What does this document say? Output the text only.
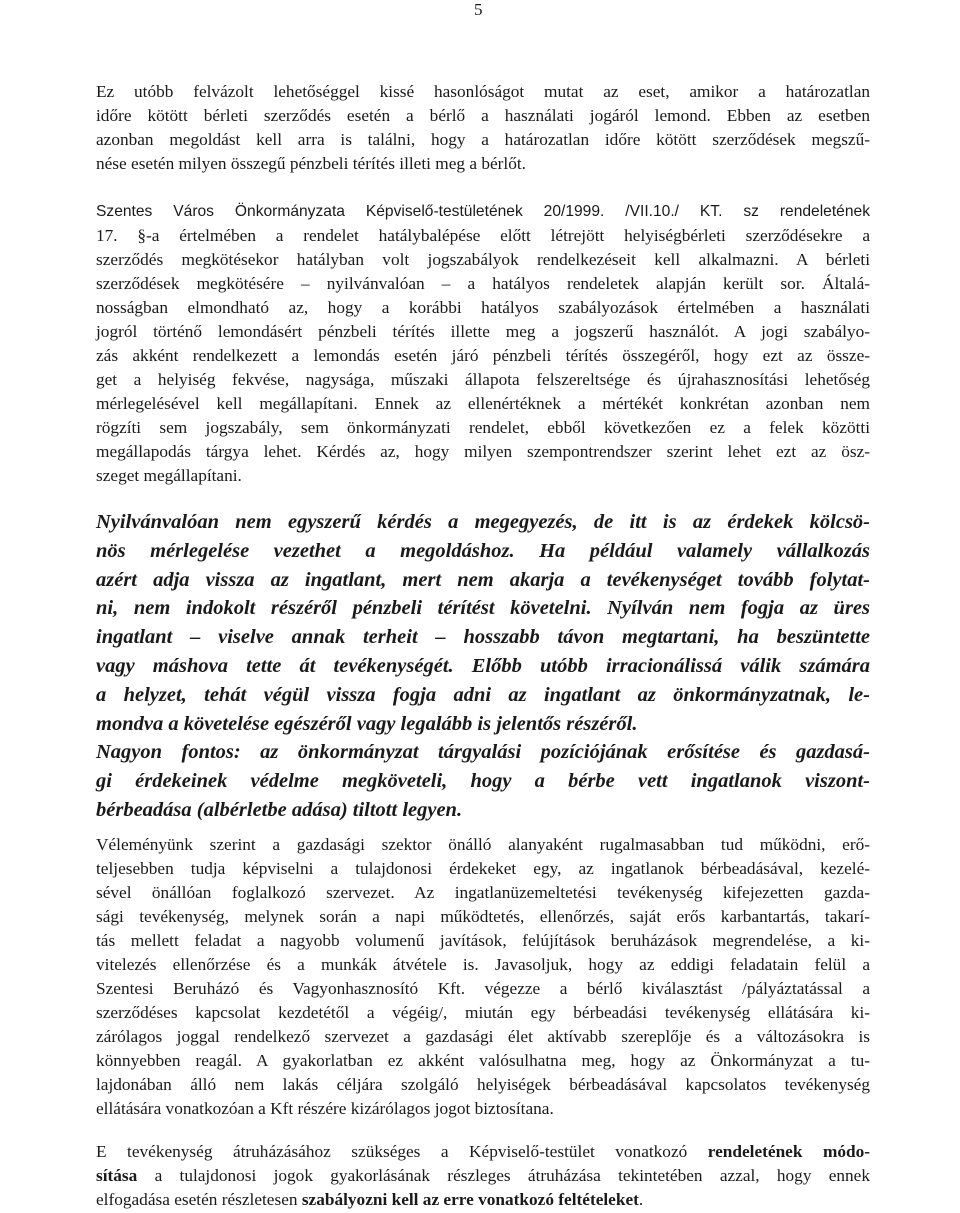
5
Ez utóbb felvázolt lehetőséggel kissé hasonlóságot mutat az eset, amikor a határozatlan
időre kötött bérleti szerződés esetén a bérlő a használati jogáról lemond. Ebben az esetben
azonban megoldást kell arra is találni, hogy a határozatlan időre kötött szerződések megszű-
nése esetén milyen összegű pénzbeli térítés illeti meg a bérlőt.
Szentes Város Önkormányzata Képviselő-testületének 20/1999. /VII.10./ KT. sz rendeletének
17. §-a értelmében a rendelet hatálybalépése előtt létrejött helyiségbérleti szerződésekre a
szerződés megkötésekor hatályban volt jogszabályok rendelkezéseit kell alkalmazni. A bérleti
szerződések megkötésére – nyilvánvalóan – a hatályos rendeletek alapján került sor. Általá-
nosságban elmondható az, hogy a korábbi hatályos szabályozások értelmében a használati
jogról történő lemondásért pénzbeli térítés illette meg a jogszerű használót. A jogi szabályo-
zás akként rendelkezett a lemondás esetén járó pénzbeli térítés összegéről, hogy ezt az össze-
get a helyiség fekvése, nagysága, műszaki állapota felszereltsége és újrahasznosítási lehetőség
mérlegelésével kell megállapítani. Ennek az ellenértéknek a mértékét konkrétan azonban nem
rögzíti sem jogszabály, sem önkormányzati rendelet, ebből következően ez a felek közötti
megállapodás tárgya lehet. Kérdés az, hogy milyen szempontrendszer szerint lehet ezt az ösz-
szeget megállapítani.
Nyilvánvalóan nem egyszerű kérdés a megegyezés, de itt is az érdekek kölcsö-
nös mérlegelése vezethet a megoldáshoz. Ha például valamely vállalkozás
azért adja vissza az ingatlant, mert nem akarja a tevékenységet tovább folytat-
ni, nem indokolt részéről pénzbeli térítést követelni. Nyílván nem fogja az üres
ingatlant – viselve annak terheit – hosszabb távon megtartani, ha beszüntette
vagy máshova tette át tevékenységét. Előbb utóbb irracionálissá válik számára
a helyzet, tehát végül vissza fogja adni az ingatlant az önkormányzatnak, le-
mondva a követelése egészéről vagy legalább is jelentős részéről.
Nagyon fontos: az önkormányzat tárgyalási pozíciójának erősítése és gazdasá-
gi érdekeinek védelme megköveteli, hogy a bérbe vett ingatlanok viszont-
bérbeadása (albérletbe adása) tiltott legyen.
Véleményünk szerint a gazdasági szektor önálló alanyaként rugalmasabban tud működni, erő-
teljesebben tudja képviselni a tulajdonosi érdekeket egy, az ingatlanok bérbeadásával, kezelé-
sével önállóan foglalkozó szervezet. Az ingatlanüzemeltetési tevékenység kifejezetten gazda-
sági tevékenység, melynek során a napi működtetés, ellenőrzés, saját erős karbantartás, takarí-
tás mellett feladat a nagyobb volumenű javítások, felújítások beruházások megrendelése, a ki-
vitelezés ellenőrzése és a munkák átvétele is. Javasoljuk, hogy az eddigi feladatain felül a
Szentesi Beruházó és Vagyonhasznosító Kft. végezze a bérlő kiválasztást /pályáztatással a
szerződéses kapcsolat kezdetétől a végéig/, miután egy bérbeadási tevékenység ellátására ki-
zárólagos joggal rendelkező szervezet a gazdasági élet aktívabb szereplője és a változásokra is
könnyebben reagál. A gyakorlatban ez akként valósulhatna meg, hogy az Önkormányzat a tu-
lajdonában álló nem lakás céljára szolgáló helyiségek bérbeadásával kapcsolatos tevékenység
ellátására vonatkozóan a Kft részére kizárólagos jogot biztosítana.
E tevékenység átruházásához szükséges a Képviselő-testület vonatkozó rendeletének módo-
sítása a tulajdonosi jogok gyakorlásának részleges átruházása tekintetében azzal, hogy ennek
elfogadása esetén részletesen szabályozni kell az erre vonatkozó feltételeket.
